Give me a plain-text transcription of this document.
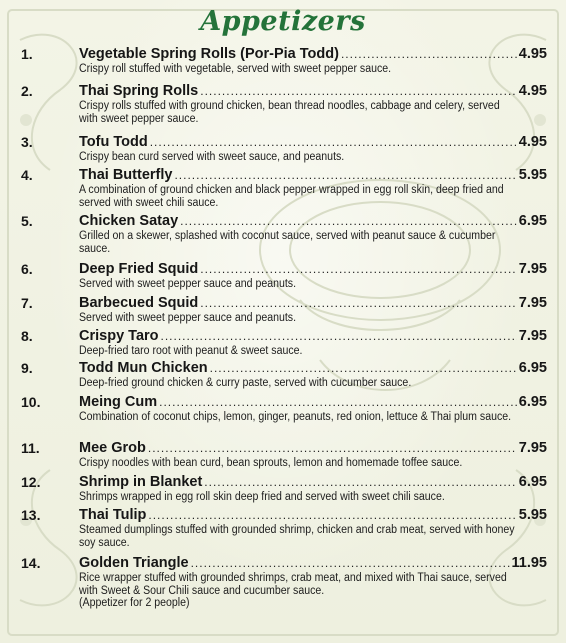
Appetizers
1.	Vegetable Spring Rolls (Por-Pia Todd) .....	4.95
Crispy roll stuffed with vegetable, served with sweet pepper sauce.
2.	Thai Spring Rolls .....	4.95
Crispy rolls stuffed with ground chicken, bean thread noodles, cabbage and celery, served with sweet pepper sauce.
3.	Tofu Todd .....	4.95
Crispy bean curd served with sweet sauce, and peanuts.
4.	Thai Butterfly .....	5.95
A combination of ground chicken and black pepper wrapped in egg roll skin, deep fried and served with sweet chili sauce.
5.	Chicken Satay .....	6.95
Grilled on a skewer, splashed with coconut sauce, served with peanut sauce & cucumber sauce.
6.	Deep Fried Squid .....	7.95
Served with sweet pepper sauce and peanuts.
7.	Barbecued Squid .....	7.95
Served with sweet pepper sauce and peanuts.
8.	Crispy Taro .....	7.95
Deep-fried taro root with peanut & sweet sauce.
9.	Todd Mun Chicken .....	6.95
Deep-fried ground chicken & curry paste, served with cucumber sauce.
10.	Meing Cum .....	6.95
Combination of coconut chips, lemon, ginger, peanuts, red onion, lettuce & Thai plum sauce.
11.	Mee Grob .....	7.95
Crispy noodles with bean curd, bean sprouts, lemon and homemade toffee sauce.
12.	Shrimp in Blanket .....	6.95
Shrimps wrapped in egg roll skin deep fried and served with sweet chili sauce.
13.	Thai Tulip .....	5.95
Steamed dumplings stuffed with grounded shrimp, chicken and crab meat, served with honey soy sauce.
14.	Golden Triangle .....	11.95
Rice wrapper stuffed with grounded shrimps, crab meat, and mixed with Thai sauce, served with Sweet & Sour Chili sauce and cucumber sauce.
(Appetizer for 2 people)
